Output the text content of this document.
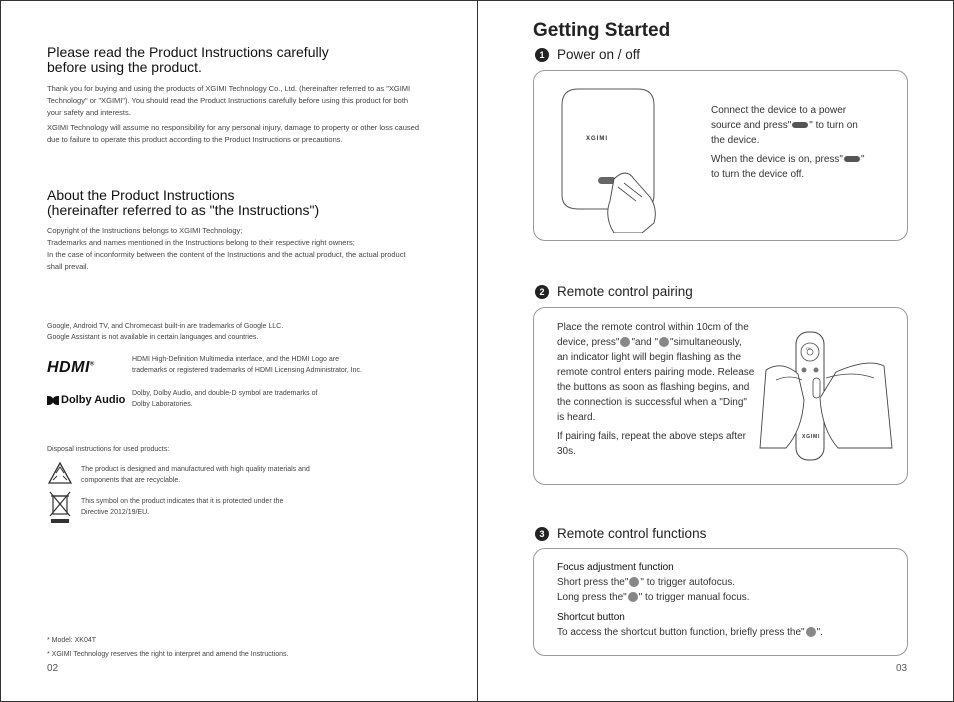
Please read the Product Instructions carefully
before using the product.
Thank you for buying and using the products of XGIMI Technology Co., Ltd. (hereinafter referred to as "XGIMI Technology" or "XGIMI"). You should read the Product Instructions carefully before using this product for both your safety and interests.
XGIMI Technology will assume no responsibility for any personal injury, damage to property or other loss caused due to failure to operate this product according to the Product Instructions or precautions.
About the Product Instructions
(hereinafter referred to as "the Instructions")
Copyright of the Instructions belongs to XGIMI Technology;
Trademarks and names mentioned in the Instructions belong to their respective right owners;
In the case of inconformity between the content of the Instructions and the actual product, the actual product shall prevail.
Google, Android TV, and Chromecast built-in are trademarks of Google LLC.
Google Assistant is not available in certain languages and countries.
HDMI®
HDMI High-Definition Multimedia interface, and the HDMI Logo are
trademarks or registered trademarks of HDMI Licensing Administrator, Inc.
Dolby Audio
Dolby, Dolby Audio, and double-D symbol are trademarks of
Dolby Laboratories.
Disposal instructions for used products:
The product is designed and manufactured with high quality materials and
components that are recyclable.
This symbol on the product indicates that it is protected under the
Directive 2012/19/EU.
* Model: XK04T
* XGIMI Technology reserves the right to interpret and amend the Instructions.
02
Getting Started
1 Power on / off
XGIMI
Connect the device to a power
source and press" " to turn on
the device.
When the device is on, press" "
to turn the device off.
2 Remote control pairing
Place the remote control within 10cm of the
device, press" "and " "simultaneously,
an indicator light will begin flashing as the
remote control enters pairing mode. Release
the buttons as soon as flashing begins, and
the connection is successful when a "Ding"
is heard.
If pairing fails, repeat the above steps after
30s.
XGIMI
OK
3 Remote control functions
Focus adjustment function
Short press the" " to trigger autofocus.
Long press the" " to trigger manual focus.
Shortcut button
To access the shortcut button function, briefly press the" ".
03
